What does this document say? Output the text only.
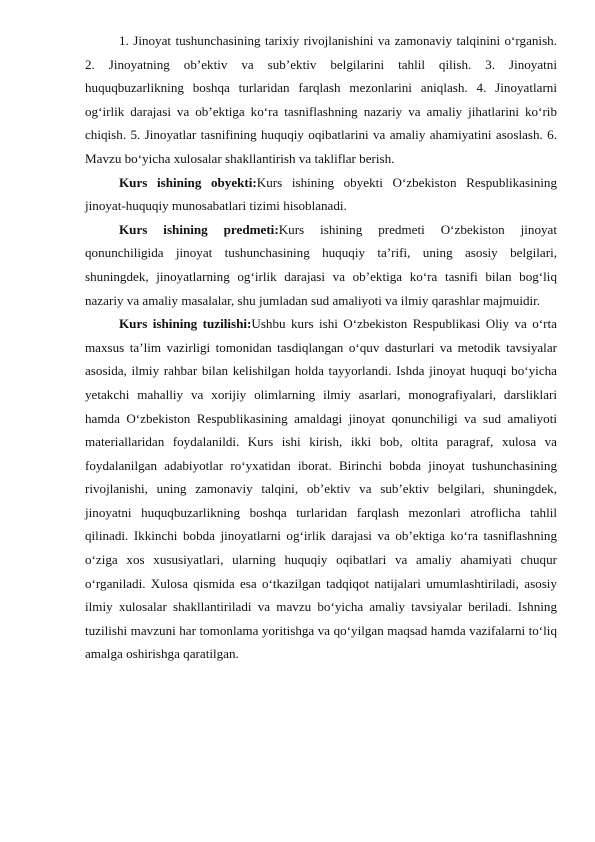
1. Jinoyat tushunchasining tarixiy rivojlanishini va zamonaviy talqinini o‘rganish. 2. Jinoyatning ob’ektiv va sub’ektiv belgilarini tahlil qilish. 3. Jinoyatni huquqbuzarlikning boshqa turlaridan farqlash mezonlarini aniqlash. 4. Jinoyatlarni og‘irlik darajasi va ob’ektiga ko‘ra tasniflashning nazariy va amaliy jihatlarini ko‘rib chiqish. 5. Jinoyatlar tasnifining huquqiy oqibatlarini va amaliy ahamiyatini asoslash. 6. Mavzu bo‘yicha xulosalar shakllantirish va takliflar berish.

Kurs ishining obyekti:Kurs ishining obyekti O‘zbekiston Respublikasining jinoyat-huquqiy munosabatlari tizimi hisoblanadi.

Kurs ishining predmeti:Kurs ishining predmeti O‘zbekiston jinoyat qonunchiligida jinoyat tushunchasining huquqiy ta’rifi, uning asosiy belgilari, shuningdek, jinoyatlarning og‘irlik darajasi va ob’ektiga ko‘ra tasnifi bilan bog‘liq nazariy va amaliy masalalar, shu jumladan sud amaliyoti va ilmiy qarashlar majmuidir.

Kurs ishining tuzilishi:Ushbu kurs ishi O‘zbekiston Respublikasi Oliy va o‘rta maxsus ta’lim vazirligi tomonidan tasdiqlangan o‘quv dasturlari va metodik tavsiyalar asosida, ilmiy rahbar bilan kelishilgan holda tayyorlandi. Ishda jinoyat huquqi bo‘yicha yetakchi mahalliy va xorijiy olimlarning ilmiy asarlari, monografiyalari, darsliklari hamda O‘zbekiston Respublikasining amaldagi jinoyat qonunchiligi va sud amaliyoti materiallaridan foydalanildi. Kurs ishi kirish, ikki bob, oltita paragraf, xulosa va foydalanilgan adabiyotlar ro‘yxatidan iborat. Birinchi bobda jinoyat tushunchasining rivojlanishi, uning zamonaviy talqini, ob’ektiv va sub’ektiv belgilari, shuningdek, jinoyatni huquqbuzarlikning boshqa turlaridan farqlash mezonlari atroflicha tahlil qilinadi. Ikkinchi bobda jinoyatlarni og‘irlik darajasi va ob’ektiga ko‘ra tasniflashning o‘ziga xos xususiyatlari, ularning huquqiy oqibatlari va amaliy ahamiyati chuqur o‘rganiladi. Xulosa qismida esa o‘tkazilgan tadqiqot natijalari umumlashtiriladi, asosiy ilmiy xulosalar shakllantiriladi va mavzu bo‘yicha amaliy tavsiyalar beriladi. Ishning tuzilishi mavzuni har tomonlama yoritishga va qo‘yilgan maqsad hamda vazifalarni to‘liq amalga oshirishga qaratilgan.
